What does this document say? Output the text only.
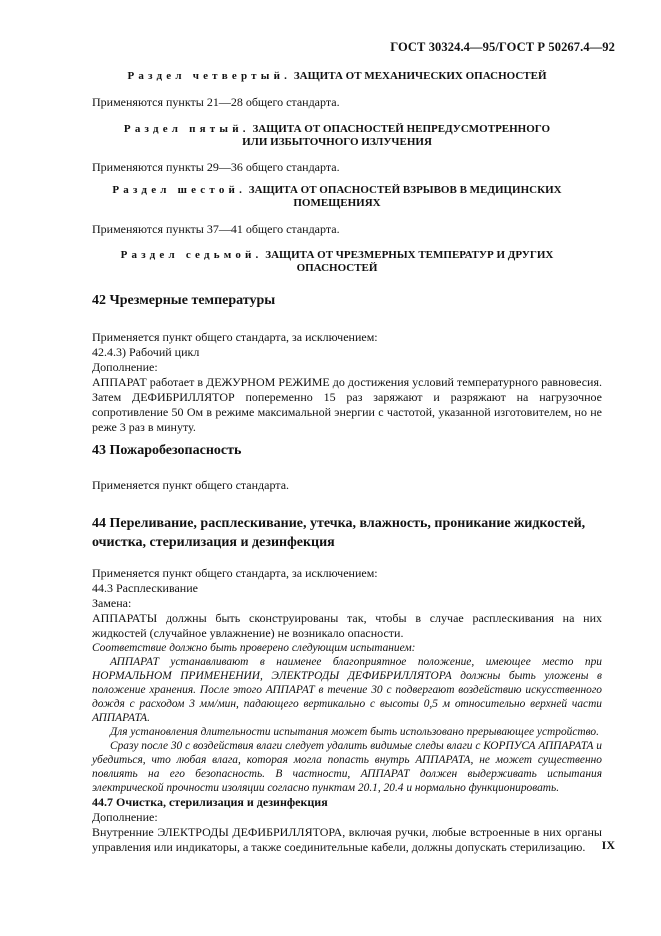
ГОСТ 30324.4—95/ГОСТ Р 50267.4—92
Раздел четвертый. ЗАЩИТА ОТ МЕХАНИЧЕСКИХ ОПАСНОСТЕЙ
Применяются пункты 21—28 общего стандарта.
Раздел пятый. ЗАЩИТА ОТ ОПАСНОСТЕЙ НЕПРЕДУСМОТРЕННОГО
ИЛИ ИЗБЫТОЧНОГО ИЗЛУЧЕНИЯ
Применяются пункты 29—36 общего стандарта.
Раздел шестой. ЗАЩИТА ОТ ОПАСНОСТЕЙ ВЗРЫВОВ В МЕДИЦИНСКИХ
ПОМЕЩЕНИЯХ
Применяются пункты 37—41 общего стандарта.
Раздел седьмой. ЗАЩИТА ОТ ЧРЕЗМЕРНЫХ ТЕМПЕРАТУР И ДРУГИХ
ОПАСНОСТЕЙ
42 Чрезмерные температуры

Применяется пункт общего стандарта, за исключением:

42.4.3) Рабочий цикл

Дополнение:

АППАРАТ работает в ДЕЖУРНОМ РЕЖИМЕ до достижения условий температурного равновесия. Затем ДЕФИБРИЛЛЯТОР попеременно 15 раз заряжают и разряжают на нагрузочное сопротивление 50 Ом в режиме максимальной энергии с частотой, указанной изготовителем, но не реже 3 раз в минуту.

43 Пожаробезопасность
Применяется пункт общего стандарта.
44 Переливание, расплескивание, утечка, влажность, проникание жидкостей,
очистка, стерилизация и дезинфекция

Применяется пункт общего стандарта, за исключением:

44.3 Расплескивание

Замена:

АППАРАТЫ должны быть сконструированы так, чтобы в случае расплескивания на них жидкостей (случайное увлажнение) не возникало опасности.

Соответствие должно быть проверено следующим испытанием:

АППАРАТ устанавливают в наименее благоприятное положение, имеющее место при НОРМАЛЬНОМ ПРИМЕНЕНИИ, ЭЛЕКТРОДЫ ДЕФИБРИЛЛЯТОРА должны быть уложены в положение хранения. После этого АППАРАТ в течение 30 с подвергают воздействию искусственного дождя с расходом 3 мм/мин, падающего вертикально с высоты 0,5 м относительно верхней части АППАРАТА.

Для установления длительности испытания может быть использовано прерывающее устройство.

Сразу после 30 с воздействия влаги следует удалить видимые следы влаги с КОРПУСА АППАРАТА и убедиться, что любая влага, которая могла попасть внутрь АППАРАТА, не может существенно повлиять на его безопасность. В частности, АППАРАТ должен выдерживать испытания электрической прочности изоляции согласно пунктам 20.1, 20.4 и нормально функционировать.

44.7 Очистка, стерилизация и дезинфекция

Дополнение:

Внутренние ЭЛЕКТРОДЫ ДЕФИБРИЛЛЯТОРА, включая ручки, любые встроенные в них органы управления или индикаторы, а также соединительные кабели, должны допускать стерилизацию.	IX
